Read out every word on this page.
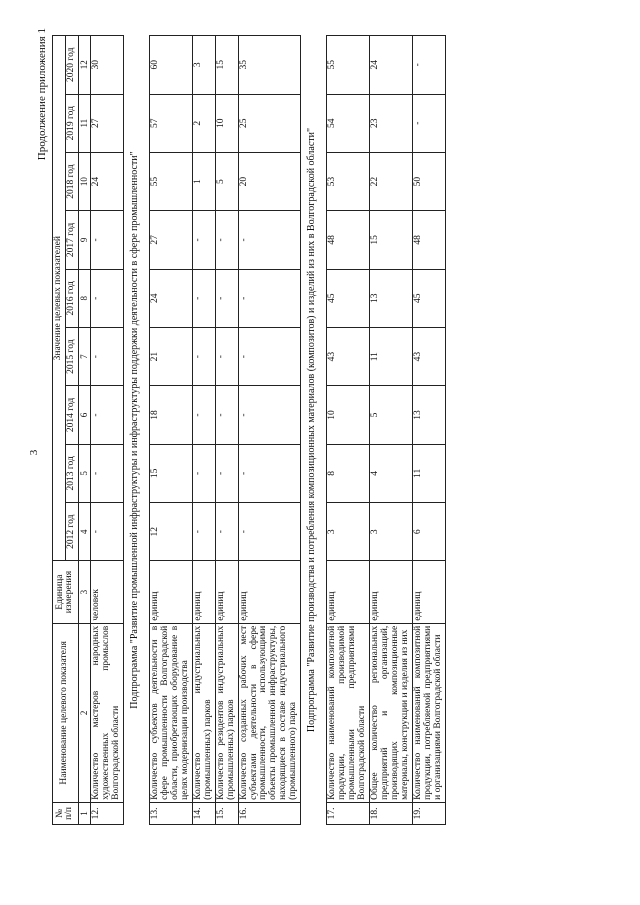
3
Продолжение приложения 1
№ п/п	Наименование целевого показателя	Единица измерения	Значение целевых показателей								
			2012 год	2013 год	2014 год	2015 год	2016 год	2017 год	2018 год	2019 год	2020 год
1	2	3	4	5	6	7	8	9	10	11	12
12.	Количество мастеров народных художественных промыслов Волгоградской области	человек	-	-	-	-	-	-	24	27	30
Подпрограмма "Развитие промышленной инфраструктуры и инфраструктуры поддержки деятельности в сфере промышленности"											
13.	Количество субъектов деятельности в сфере промышленности Волгоградской области, приобретающих оборудование в целях модернизации производства	единиц	12	15	18	21	24	27	55	57	60
14.	Количество индустриальных (промышленных) парков	единиц	-	-	-	-	-	-	1	2	3
15.	Количество резидентов индустриальных (промышленных) парков	единиц	-	-	-	-	-	-	5	10	15
16.	Количество созданных рабочих мест субъектами деятельности в сфере промышленности, использующими объекты промышленной инфраструктуры, находящиеся в составе индустриального (промышленного) парка	единиц	-	-	-	-	-	-	20	25	35
Подпрограмма "Развитие производства и потребления композиционных материалов (композитов) и изделий из них в Волгоградской области"											
17.	Количество наименований композитной продукции, производимой промышленными предприятиями Волгоградской области	единиц	3	8	10	43	45	48	53	54	55
18.	Общее количество региональных предприятий и организаций, производящих композиционные материалы, конструкции и изделия из них	единиц	3	4	5	11	13	15	22	23	24
19.	Количество наименований композитной продукции, потребляемой предприятиями и организациями Волгоградской области	единиц	6	11	13	43	45	48	50	-	-
